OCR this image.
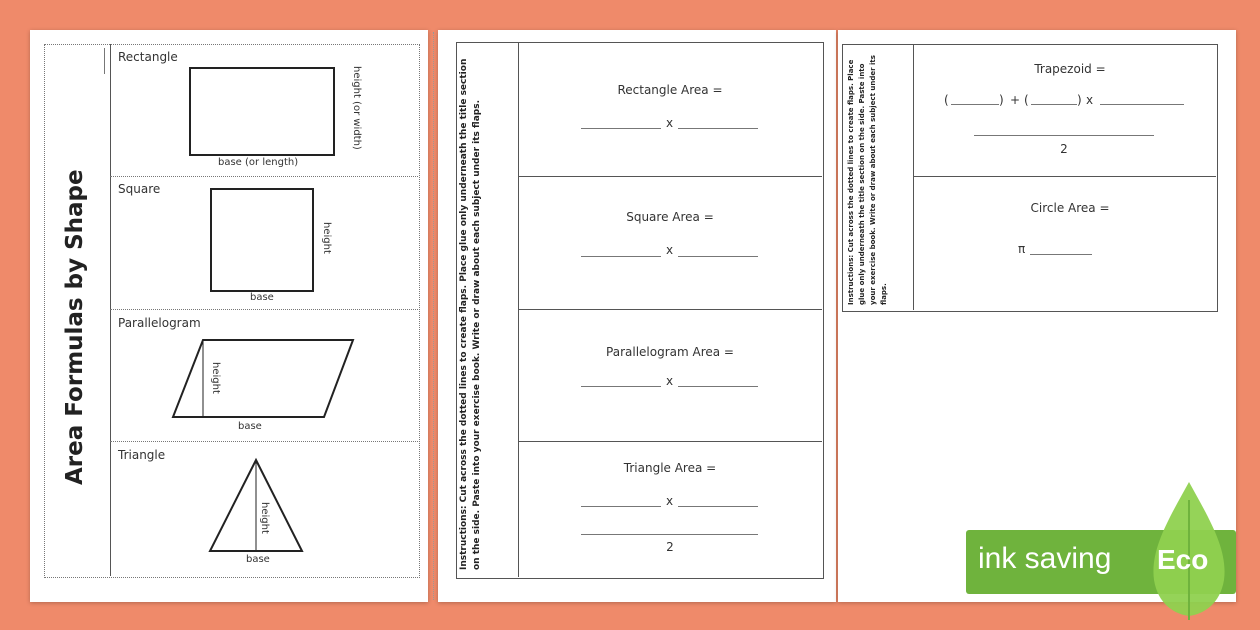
Area Formulas by Shape
Rectangle
base (or length)
height (or width)
Square
base
height
Parallelogram
height
base
Triangle
height
base	Instructions: Cut across the dotted lines to create flaps. Place glue only underneath the title section on the side. Paste into your exercise book. Write or draw about each subject under its flaps.
Rectangle Area =
x
Square Area =
x
Parallelogram Area =
x
Triangle Area =
x
2
Instructions: Cut across the dotted lines to create flaps. Place glue only underneath the title section on the side. Paste into your exercise book. Write or draw about each subject under its flaps.
Trapezoid =
(	) + (	) x
2
Circle Area =
π
ink saving Eco
